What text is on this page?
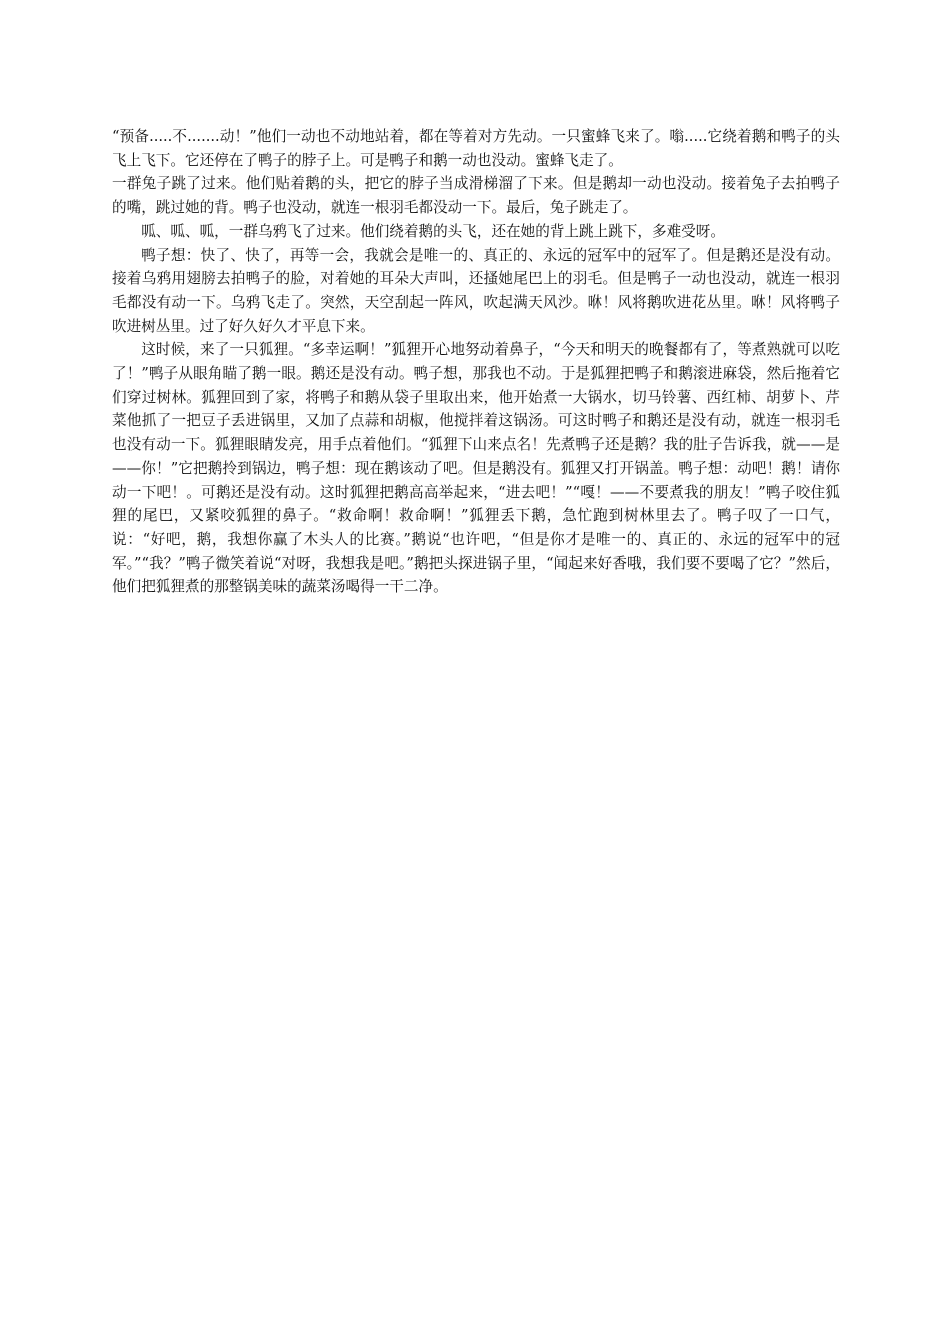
“预备.....不.......动！”他们一动也不动地站着，都在等着对方先动。一只蜜蜂飞来了。嗡.....它绕着鹅和鸭子的头飞上飞下。它还停在了鸭子的脖子上。可是鸭子和鹅一动也没动。蜜蜂飞走了。

一群兔子跳了过来。他们贴着鹅的头，把它的脖子当成滑梯溜了下来。但是鹅却一动也没动。接着兔子去拍鸭子的嘴，跳过她的背。鸭子也没动，就连一根羽毛都没动一下。最后，兔子跳走了。

呱、呱、呱，一群乌鸦飞了过来。他们绕着鹅的头飞，还在她的背上跳上跳下，多难受呀。

鸭子想：快了、快了，再等一会，我就会是唯一的、真正的、永远的冠军中的冠军了。但是鹅还是没有动。接着乌鸦用翅膀去拍鸭子的脸，对着她的耳朵大声叫，还搔她尾巴上的羽毛。但是鸭子一动也没动，就连一根羽毛都没有动一下。乌鸦飞走了。突然，天空刮起一阵风，吹起满天风沙。咻！风将鹅吹进花丛里。咻！风将鸭子吹进树丛里。过了好久好久才平息下来。

这时候，来了一只狐狸。“多幸运啊！”狐狸开心地努动着鼻子，“今天和明天的晚餐都有了，等煮熟就可以吃了！”鸭子从眼角瞄了鹅一眼。鹅还是没有动。鸭子想，那我也不动。于是狐狸把鸭子和鹅滚进麻袋，然后拖着它们穿过树林。狐狸回到了家，将鸭子和鹅从袋子里取出来，他开始煮一大锅水，切马铃薯、西红柿、胡萝卜、芹菜他抓了一把豆子丢进锅里，又加了点蒜和胡椒，他搅拌着这锅汤。可这时鸭子和鹅还是没有动，就连一根羽毛也没有动一下。狐狸眼睛发亮，用手点着他们。“狐狸下山来点名！先煮鸭子还是鹅？我的肚子告诉我，就——是——你！”它把鹅拎到锅边，鸭子想：现在鹅该动了吧。但是鹅没有。狐狸又打开锅盖。鸭子想：动吧！鹅！请你动一下吧！。可鹅还是没有动。这时狐狸把鹅高高举起来，“进去吧！”“嘎！——不要煮我的朋友！”鸭子咬住狐狸的尾巴，又紧咬狐狸的鼻子。“救命啊！救命啊！”狐狸丢下鹅，急忙跑到树林里去了。鸭子叹了一口气，说：“好吧，鹅，我想你赢了木头人的比赛。”鹅说“也许吧，“但是你才是唯一的、真正的、永远的冠军中的冠军。”“我？”鸭子微笑着说“对呀，我想我是吧。”鹅把头探进锅子里，“闻起来好香哦，我们要不要喝了它？”然后，他们把狐狸煮的那整锅美味的蔬菜汤喝得一干二净。
